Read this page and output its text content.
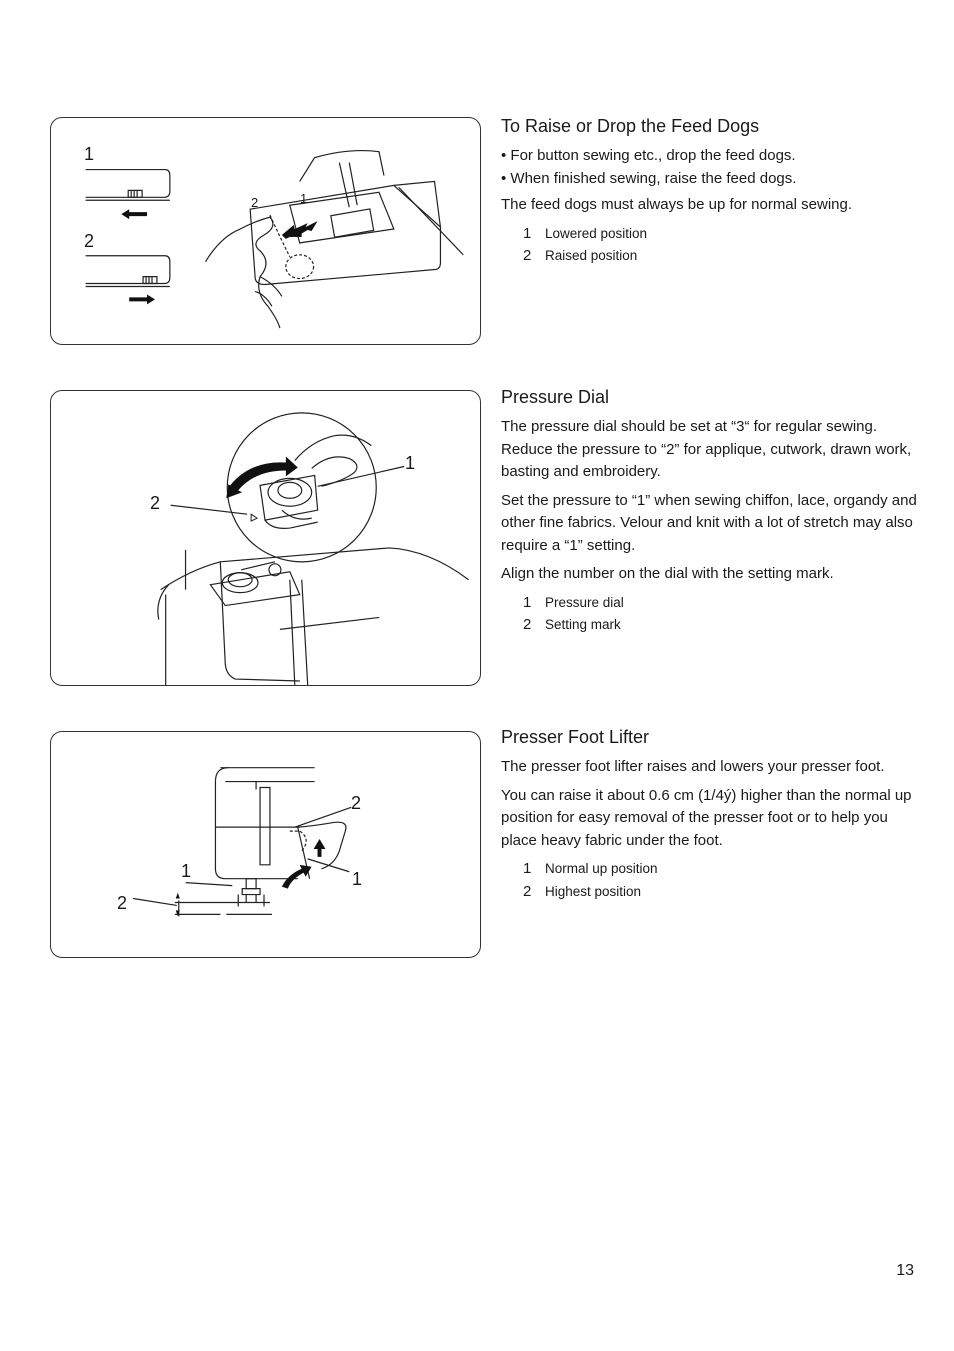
1
2
2	1
To Raise or Drop the Feed Dogs

• For button sewing etc., drop the feed dogs.

• When finished sewing, raise the feed dogs.

The feed dogs must always be up for normal sewing.

1	Lowered position
2	Raised position
1
2
Pressure Dial

The pressure dial should be set at “3“ for regular sewing. Reduce the pressure to “2” for applique, cutwork, drawn work, basting and embroidery.

Set the pressure to “1” when sewing chiffon, lace, organdy and other fine fabrics. Velour and knit with a lot of stretch may also require a “1” setting.

Align the number on the dial with the setting mark.

1	Pressure dial
2	Setting mark
2
1
1
2
Presser Foot Lifter

The presser foot lifter raises and lowers your presser foot.

You can raise it about 0.6 cm (1/4ý) higher than the normal up position for easy removal of the presser foot or to help you place heavy fabric under the foot.

1	Normal up position
2	Highest position
13
